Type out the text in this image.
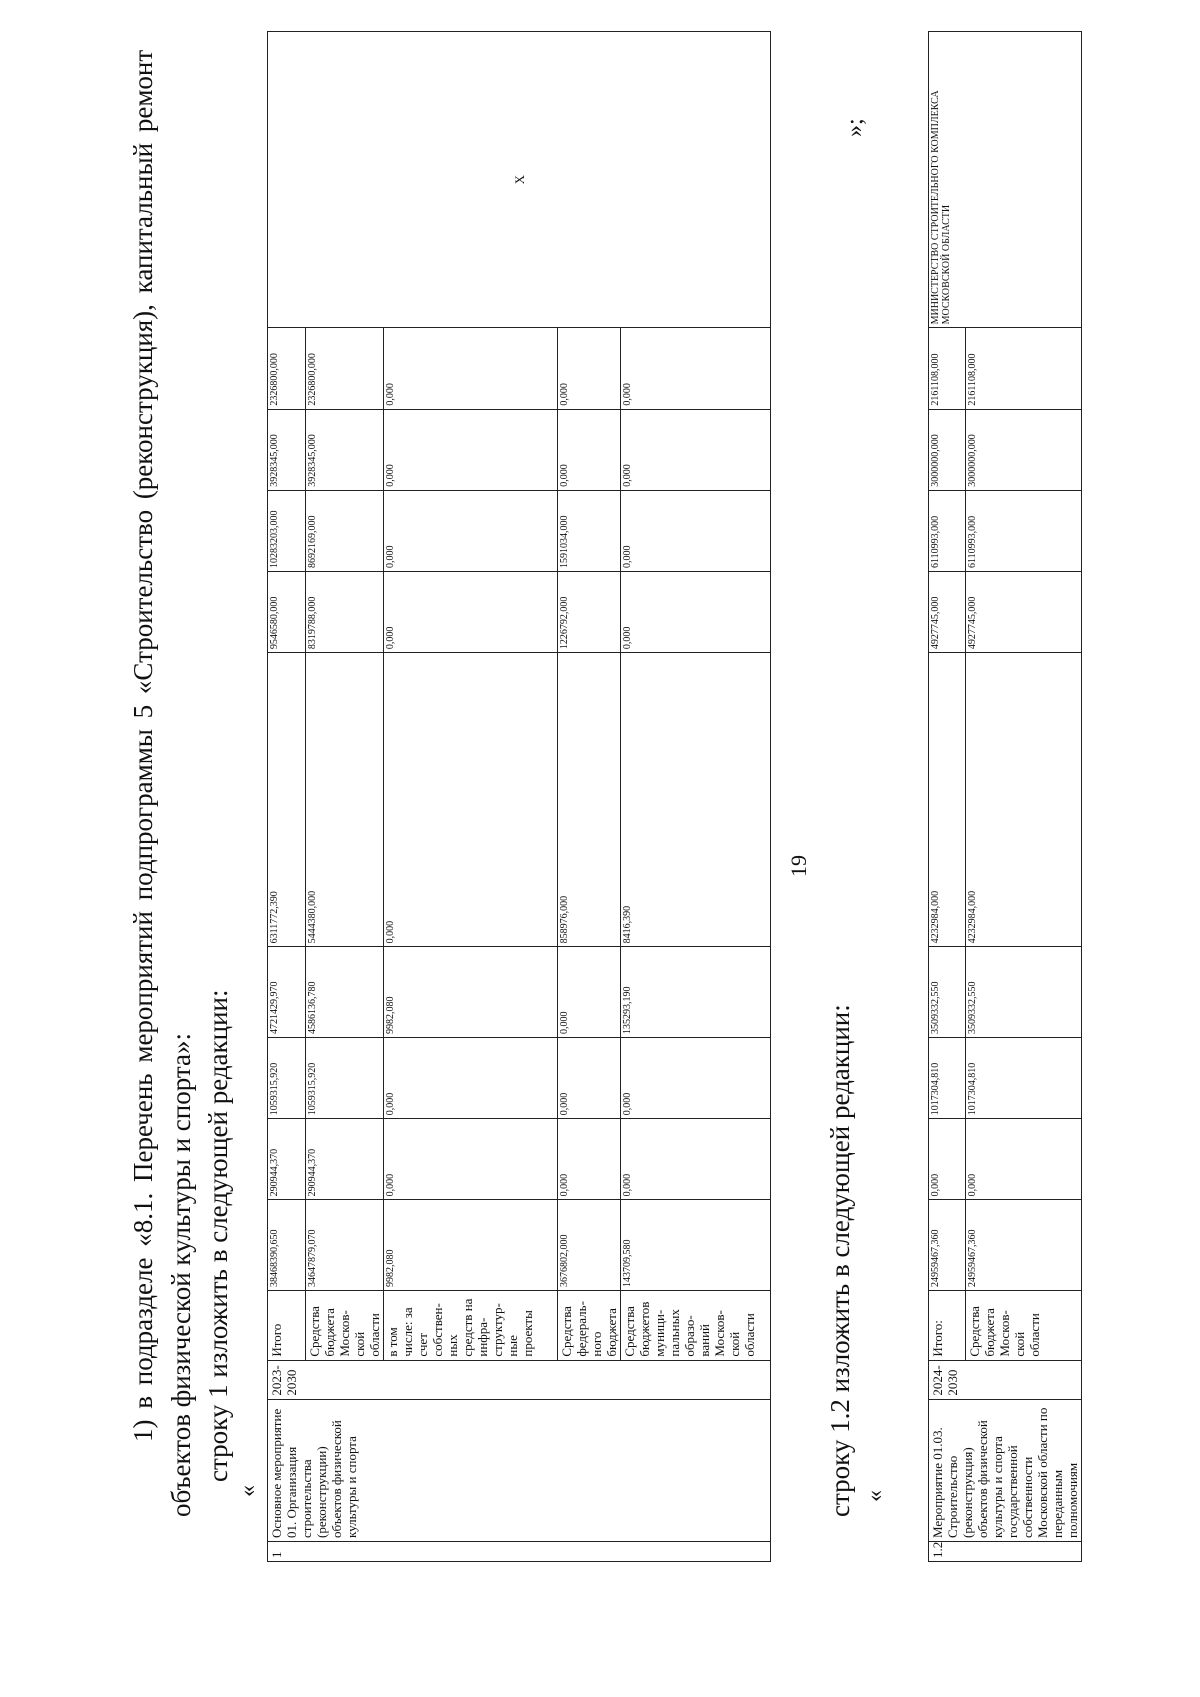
19
1) в подразделе «8.1. Перечень мероприятий подпрограммы 5 «Строительство (реконструкция), капитальный ремонт объектов физической культуры и спорта»: строку 1 изложить в следующей редакции:
«
1	Основное мероприятие 01. Организация строительства (реконструкции) объектов физической культуры и спорта	2023-2030	Итого	38468390,650	290944,370	1059315,920	4721429,970	6311772,390	9546580,000	10283203,000	3928345,000	2326800,000	Х
			Средства бюджета Москов-ской области	34647879,070	290944,370	1059315,920	4586136,780	5444380,000	8319788,000	8692169,000	3928345,000	2326800,000	
			в том числе: за счет собствен-ных средств на инфра-структур-ные проекты	9982,080	0,000	0,000	9982,080	0,000	0,000	0,000	0,000	0,000	
			Средства федераль-ного бюджета	3676802,000	0,000	0,000	0,000	858976,000	1226792,000	1591034,000	0,000	0,000	
			Средства бюджетов муници-пальных образо-ваний Москов-ской области	143709,580	0,000	0,000	135293,190	8416,390	0,000	0,000	0,000	0,000	
строку 1.2 изложить в следующей редакции: «
1.2	Мероприятие 01.03. Строительство (реконструкция) объектов физической культуры и спорта государственной собственности Московской области по переданным полномочиям	2024-2030	Итого:	24959467,360	0,000	1017304,810	3509332,550	4232984,000	4927745,000	6110993,000	3000000,000	2161108,000	МИНИСТЕРСТВО СТРОИТЕЛЬНОГО КОМПЛЕКСА МОСКОВСКОЙ ОБЛАСТИ
			Средства бюджета Москов-ской области	24959467,360	0,000	1017304,810	3509332,550	4232984,000	4927745,000	6110993,000	3000000,000	2161108,000	
»;
